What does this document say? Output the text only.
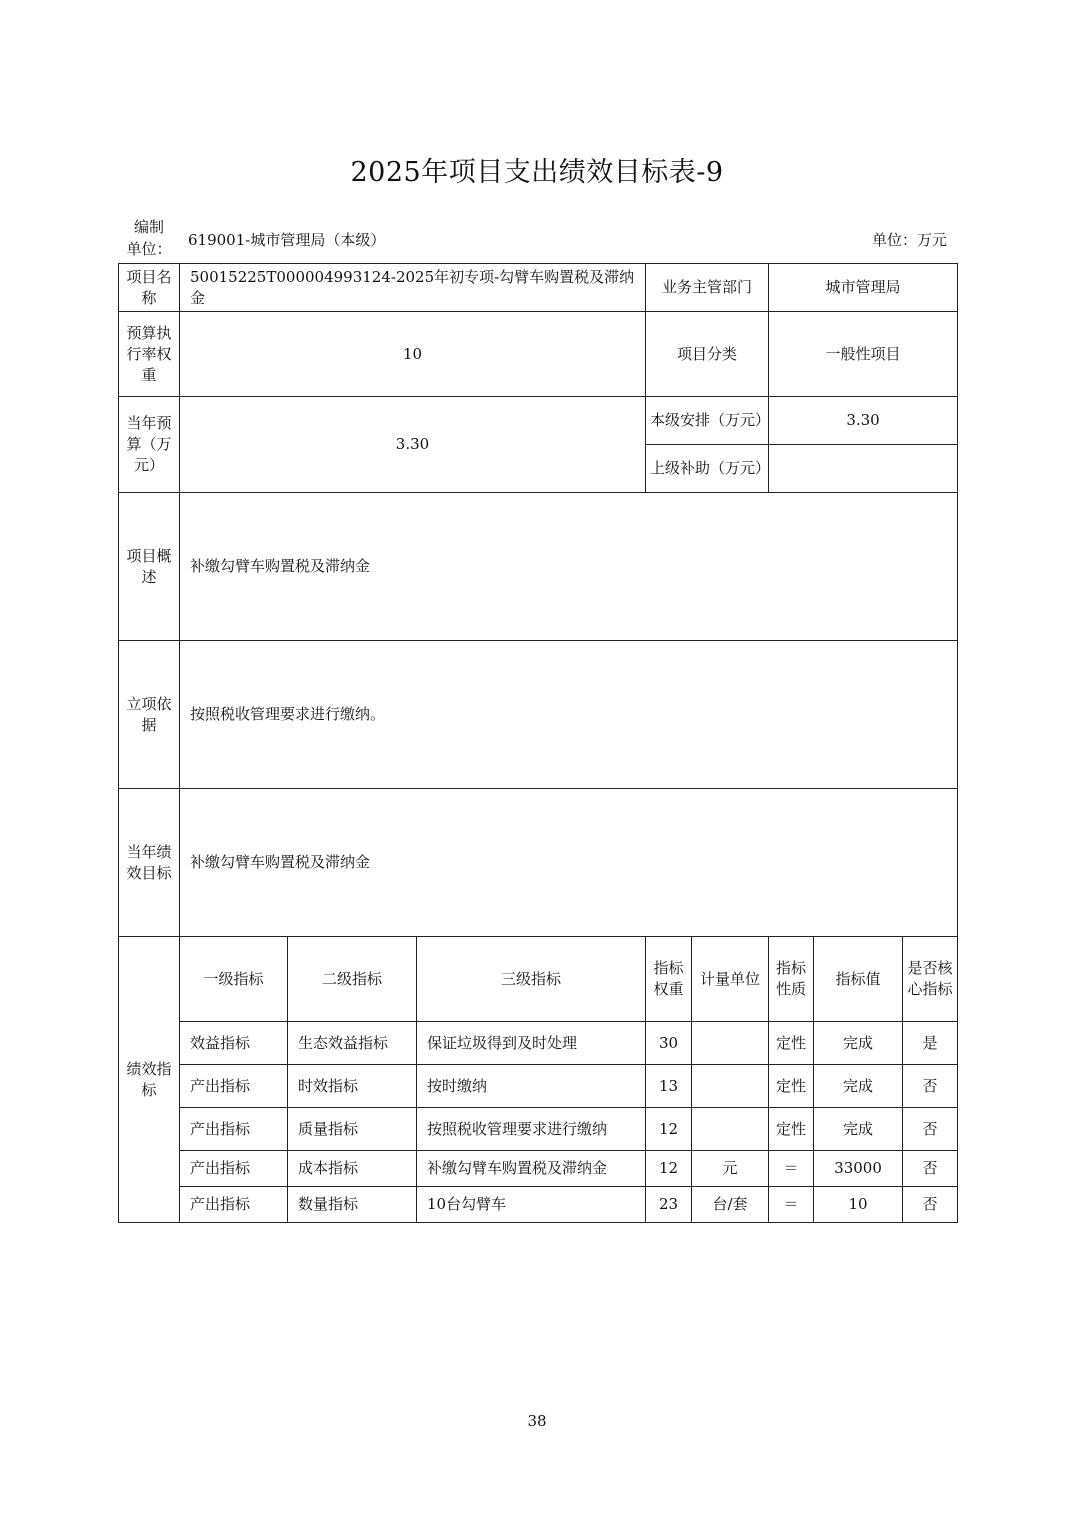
2025年项目支出绩效目标表-9
编制
单位：	619001-城市管理局（本级）	单位：万元
项目名称	50015225T000004993124-2025年初专项-勾臂车购置税及滞纳金			业务主管部门		城市管理局		
预算执行率权重	10			项目分类		一般性项目		
当年预算（万元）	3.30			本级安排（万元）		3.30		
				上级补助（万元）				
项目概述	补缴勾臂车购置税及滞纳金							
立项依据	按照税收管理要求进行缴纳。							
当年绩效目标	补缴勾臂车购置税及滞纳金							
绩效指标	一级指标	二级指标	三级指标	指标权重	计量单位	指标性质	指标值	是否核心指标
	效益指标	生态效益指标	保证垃圾得到及时处理	30		定性	完成	是
	产出指标	时效指标	按时缴纳	13		定性	完成	否
	产出指标	质量指标	按照税收管理要求进行缴纳	12		定性	完成	否
	产出指标	成本指标	补缴勾臂车购置税及滞纳金	12	元	＝	33000	否
	产出指标	数量指标	10台勾臂车	23	台/套	＝	10	否
38
